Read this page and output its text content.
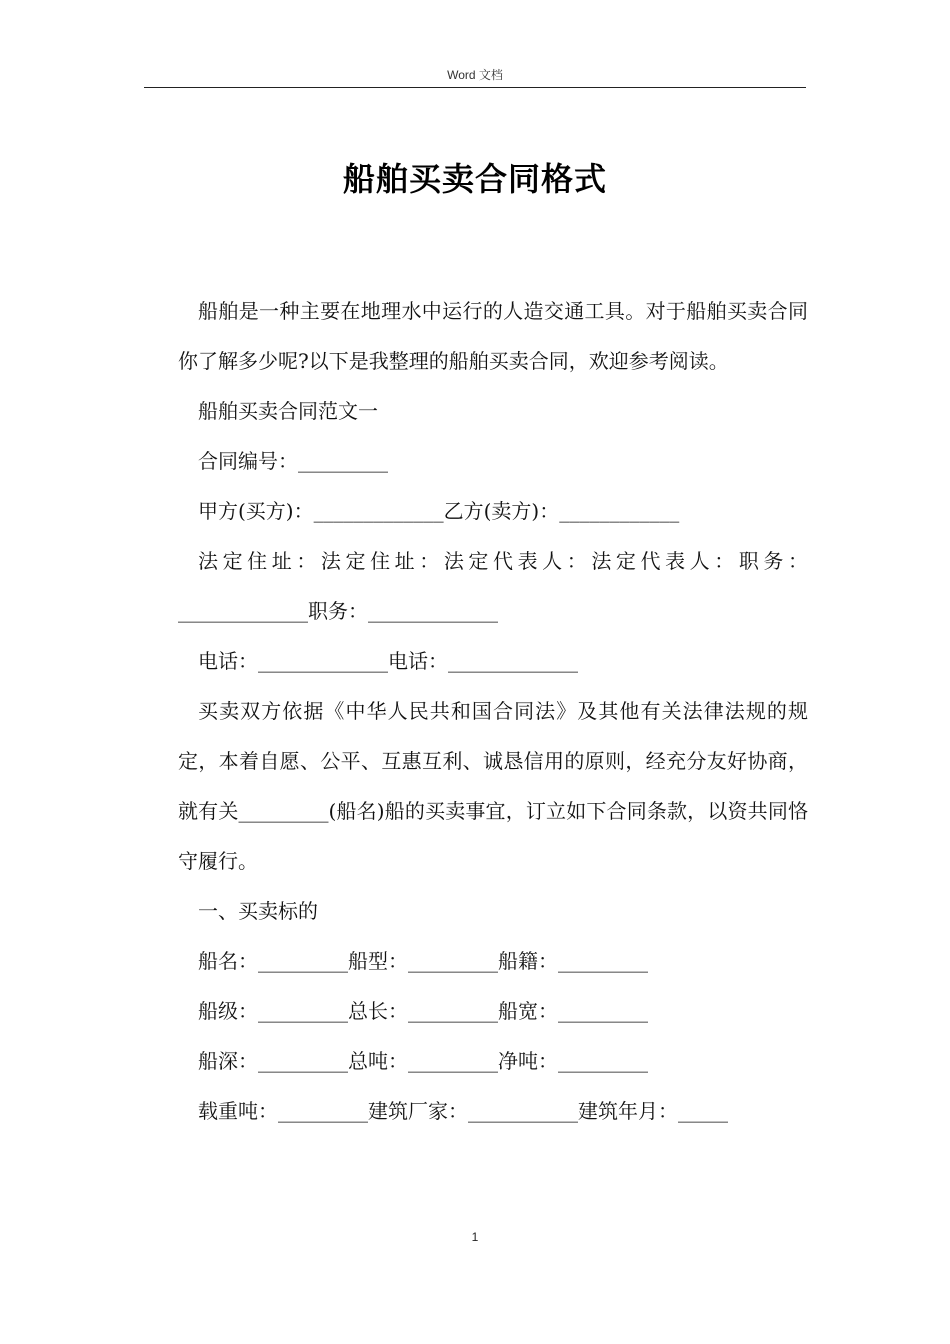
Word 文档
船舶买卖合同格式

船舶是一种主要在地理水中运行的人造交通工具。对于船舶买卖合同你了解多少呢?以下是我整理的船舶买卖合同，欢迎参考阅读。

船舶买卖合同范文一

合同编号：_________

甲方(买方)：_____________乙方(卖方)：____________

法定住址：法定住址：法定代表人：法定代表人：职务：_____________职务：_____________

电话：_____________电话：_____________

买卖双方依据《中华人民共和国合同法》及其他有关法律法规的规定，本着自愿、公平、互惠互利、诚恳信用的原则，经充分友好协商，就有关_________(船名)船的买卖事宜，订立如下合同条款，以资共同恪守履行。

一、买卖标的

船名：_________船型：_________船籍：_________

船级：_________总长：_________船宽：_________

船深：_________总吨：_________净吨：_________

载重吨：_________建筑厂家：___________建筑年月：_____

1
